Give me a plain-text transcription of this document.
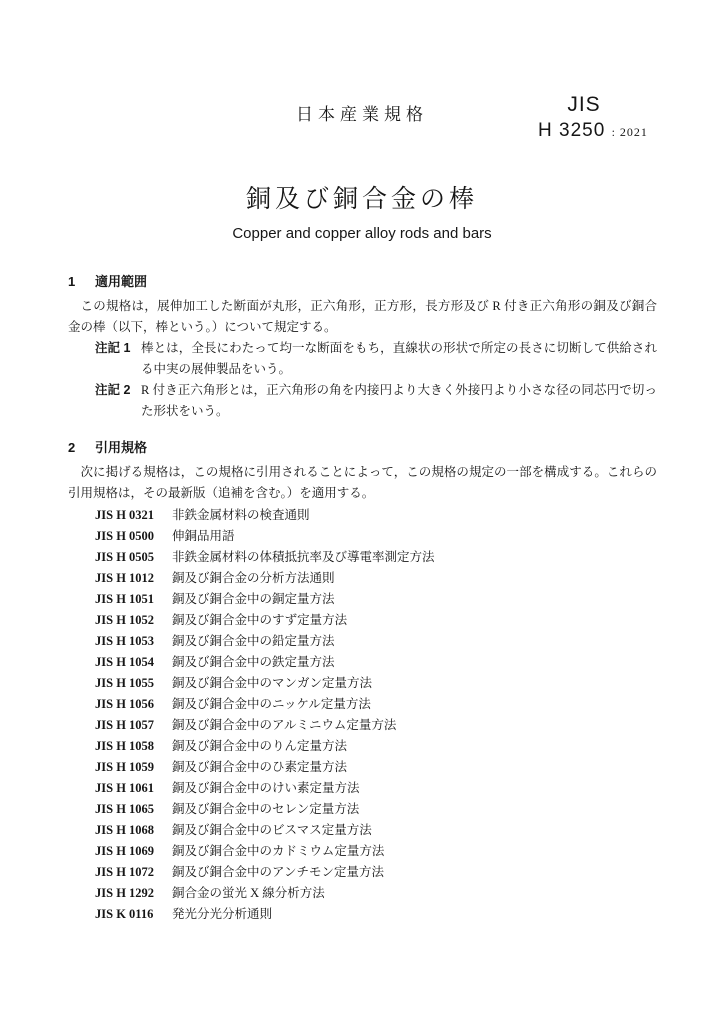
日本産業規格	JIS
H 3250 : 2021
銅及び銅合金の棒
Copper and copper alloy rods and bars
1	適用範囲

この規格は，展伸加工した断面が丸形，正六角形，正方形，長方形及び R 付き正六角形の銅及び銅合金の棒（以下，棒という。）について規定する。

注記 1 棒とは，全長にわたって均一な断面をもち，直線状の形状で所定の長さに切断して供給される中実の展伸製品をいう。
注記 2 R 付き正六角形とは，正六角形の角を内接円より大きく外接円より小さな径の同芯円で切った形状をいう。
2	引用規格

次に掲げる規格は，この規格に引用されることによって，この規格の規定の一部を構成する。これらの引用規格は，その最新版（追補を含む。）を適用する。

JIS H 0321	非鉄金属材料の検査通則
JIS H 0500	伸銅品用語
JIS H 0505	非鉄金属材料の体積抵抗率及び導電率測定方法
JIS H 1012	銅及び銅合金の分析方法通則
JIS H 1051	銅及び銅合金中の銅定量方法
JIS H 1052	銅及び銅合金中のすず定量方法
JIS H 1053	銅及び銅合金中の鉛定量方法
JIS H 1054	銅及び銅合金中の鉄定量方法
JIS H 1055	銅及び銅合金中のマンガン定量方法
JIS H 1056	銅及び銅合金中のニッケル定量方法
JIS H 1057	銅及び銅合金中のアルミニウム定量方法
JIS H 1058	銅及び銅合金中のりん定量方法
JIS H 1059	銅及び銅合金中のひ素定量方法
JIS H 1061	銅及び銅合金中のけい素定量方法
JIS H 1065	銅及び銅合金中のセレン定量方法
JIS H 1068	銅及び銅合金中のビスマス定量方法
JIS H 1069	銅及び銅合金中のカドミウム定量方法
JIS H 1072	銅及び銅合金中のアンチモン定量方法
JIS H 1292	銅合金の蛍光 X 線分析方法
JIS K 0116	発光分光分析通則
